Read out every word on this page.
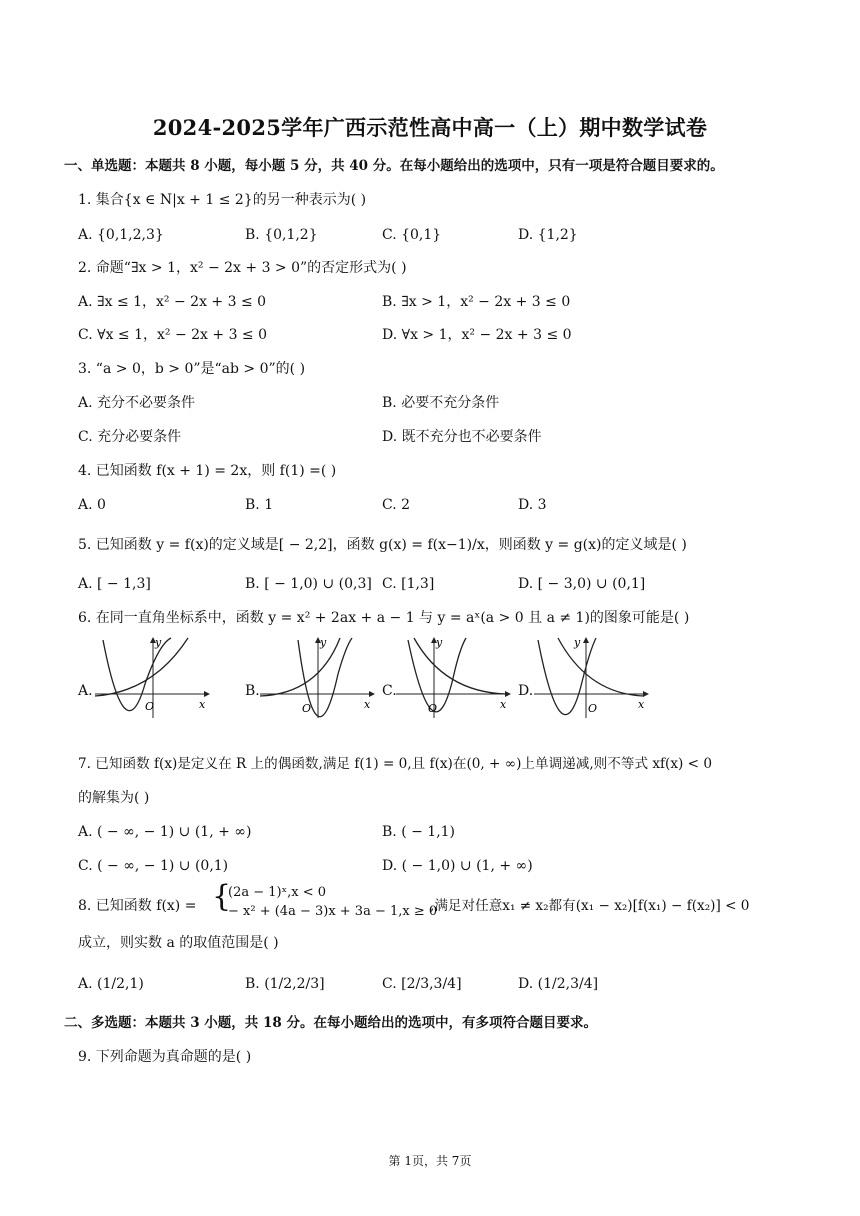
2024-2025学年广西示范性高中高一（上）期中数学试卷
一、单选题：本题共 8 小题，每小题 5 分，共 40 分。在每小题给出的选项中，只有一项是符合题目要求的。
1. 集合{x ∈ N|x + 1 ≤ 2}的另一种表示为( )
A. {0,1,2,3}	B. {0,1,2}	C. {0,1}	D. {1,2}
2. 命题“∃x > 1，x² − 2x + 3 > 0”的否定形式为( )
A. ∃x ≤ 1，x² − 2x + 3 ≤ 0	B. ∃x > 1，x² − 2x + 3 ≤ 0
C. ∀x ≤ 1，x² − 2x + 3 ≤ 0	D. ∀x > 1，x² − 2x + 3 ≤ 0
3. “a > 0，b > 0”是“ab > 0”的( )
A. 充分不必要条件	B. 必要不充分条件
C. 充分必要条件	D. 既不充分也不必要条件
4. 已知函数 f(x + 1) = 2x，则 f(1) =( )
A. 0	B. 1	C. 2	D. 3
5. 已知函数 y = f(x)的定义域是[ − 2,2]，函数 g(x) = f(x−1)/x，则函数 y = g(x)的定义域是( )
A. [ − 1,3]	B. [ − 1,0) ∪ (0,3] C. [1,3]	D. [ − 3,0) ∪ (0,1]
6. 在同一直角坐标系中，函数 y = x² + 2ax + a − 1 与 y = aˣ(a > 0 且 a ≠ 1)的图象可能是( )
A.
O
y
x
B.
O
y
x
C.
O
y
x
D.
O
y
x
7. 已知函数 f(x)是定义在 R 上的偶函数,满足 f(1) = 0,且 f(x)在(0, + ∞)上单调递减,则不等式 xf(x) < 0
的解集为( )
A. ( − ∞, − 1) ∪ (1, + ∞)	B. ( − 1,1)
C. ( − ∞, − 1) ∪ (0,1)	D. ( − 1,0) ∪ (1, + ∞)
8. 已知函数 f(x) = {
(2a − 1)ˣ,x < 0
− x² + (4a − 3)x + 3a − 1,x ≥ 0
,满足对任意x₁ ≠ x₂都有(x₁ − x₂)[f(x₁) − f(x₂)] < 0
成立，则实数 a 的取值范围是( )
A. (1/2,1)	B. (1/2,2/3]	C. [2/3,3/4]	D. (1/2,3/4]
二、多选题：本题共 3 小题，共 18 分。在每小题给出的选项中，有多项符合题目要求。
9. 下列命题为真命题的是( )
第 1页，共 7页
